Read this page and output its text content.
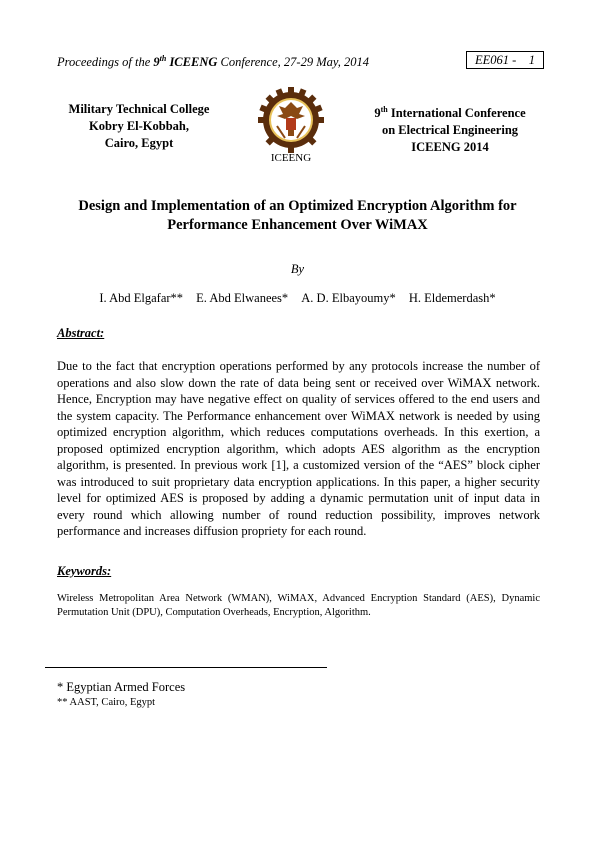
Proceedings of the 9th ICEENG Conference, 27-29 May, 2014	EE061 -    1
Military Technical College
Kobry El-Kobbah,
Cairo, Egypt
ICEENG
9th International Conference
on Electrical Engineering
ICEENG 2014
Design and Implementation of an Optimized Encryption Algorithm for
Performance Enhancement Over WiMAX
By
I. Abd Elgafar** E. Abd Elwanees* A. D. Elbayoumy* H. Eldemerdash*
Abstract:
Due to the fact that encryption operations performed by any protocols increase the number of operations and also slow down the rate of data being sent or received over WiMAX network. Hence, Encryption may have negative effect on quality of services offered to the end users and the system capacity. The Performance enhancement over WiMAX network is needed by using optimized encryption algorithm, which reduces computations overheads. In this exertion, a proposed optimized encryption algorithm, which adopts AES algorithm as the encryption algorithm, is presented. In previous work [1], a customized version of the “AES” block cipher was introduced to suit proprietary data encryption applications. In this paper, a higher security level for optimized AES is proposed by adding a dynamic permutation unit of input data in every round which allowing number of round reduction possibility, improves network performance and increases diffusion propriety for each round.
Keywords:
Wireless Metropolitan Area Network (WMAN), WiMAX, Advanced Encryption Standard (AES), Dynamic Permutation Unit (DPU), Computation Overheads, Encryption, Algorithm.
* Egyptian Armed Forces
** AAST, Cairo, Egypt
